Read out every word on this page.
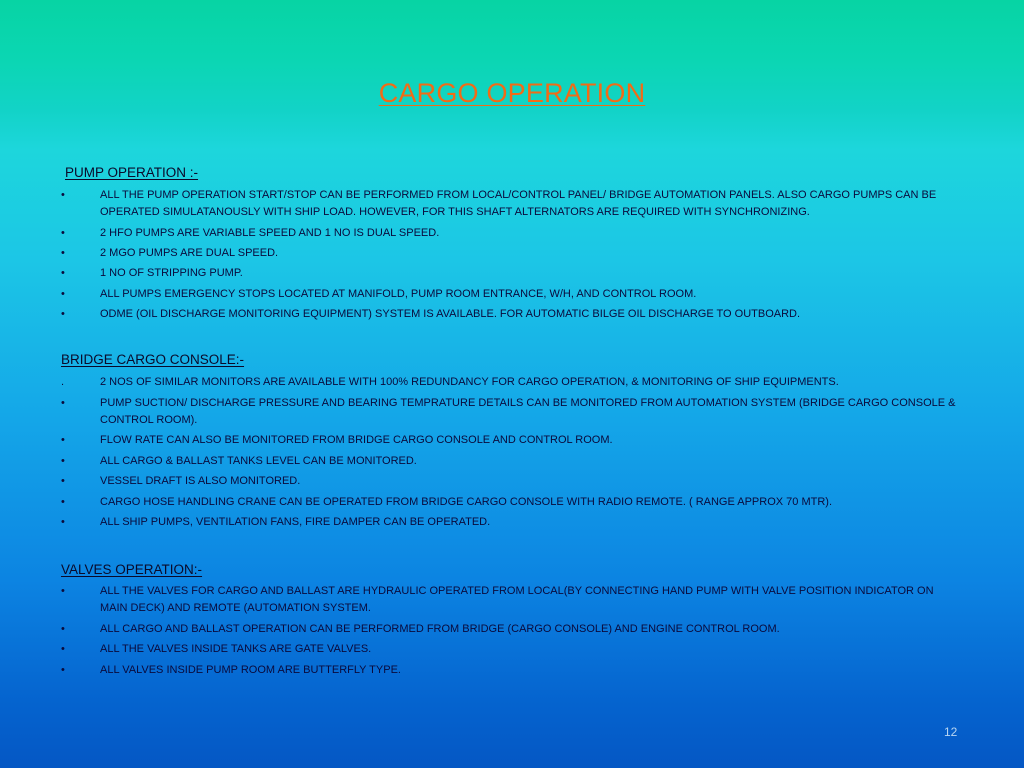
CARGO OPERATION
PUMP OPERATION :-
•	ALL THE PUMP OPERATION START/STOP CAN BE PERFORMED FROM LOCAL/CONTROL PANEL/ BRIDGE AUTOMATION PANELS. ALSO CARGO PUMPS CAN BE OPERATED SIMULATANOUSLY WITH SHIP LOAD. HOWEVER, FOR THIS SHAFT ALTERNATORS ARE REQUIRED WITH SYNCHRONIZING.
•	2 HFO PUMPS ARE VARIABLE SPEED AND 1 NO IS DUAL SPEED.
•	2 MGO PUMPS ARE DUAL SPEED.
•	1 NO OF STRIPPING PUMP.
•	ALL PUMPS EMERGENCY STOPS LOCATED AT MANIFOLD, PUMP ROOM ENTRANCE, W/H, AND CONTROL ROOM.
•	ODME (OIL DISCHARGE MONITORING EQUIPMENT) SYSTEM IS AVAILABLE. FOR AUTOMATIC BILGE OIL DISCHARGE TO OUTBOARD.
BRIDGE CARGO CONSOLE:-
.	2 NOS OF SIMILAR MONITORS ARE AVAILABLE WITH 100% REDUNDANCY FOR CARGO OPERATION, & MONITORING OF SHIP EQUIPMENTS.
•	PUMP SUCTION/ DISCHARGE PRESSURE AND BEARING TEMPRATURE DETAILS CAN BE MONITORED FROM AUTOMATION SYSTEM (BRIDGE CARGO CONSOLE & CONTROL ROOM).
•	FLOW RATE CAN ALSO BE MONITORED FROM BRIDGE CARGO CONSOLE AND CONTROL ROOM.
•	ALL CARGO & BALLAST TANKS LEVEL CAN BE MONITORED.
•	VESSEL DRAFT IS ALSO MONITORED.
•	CARGO HOSE HANDLING CRANE CAN BE OPERATED FROM BRIDGE CARGO CONSOLE WITH RADIO REMOTE. ( RANGE APPROX 70 MTR).
•	ALL SHIP PUMPS, VENTILATION FANS, FIRE DAMPER CAN BE OPERATED.
VALVES OPERATION:-
•	ALL THE VALVES FOR CARGO AND BALLAST ARE HYDRAULIC OPERATED FROM LOCAL(BY CONNECTING HAND PUMP WITH VALVE POSITION INDICATOR ON MAIN DECK) AND REMOTE (AUTOMATION SYSTEM.
•	ALL CARGO AND BALLAST OPERATION CAN BE PERFORMED FROM BRIDGE (CARGO CONSOLE) AND ENGINE CONTROL ROOM.
•	ALL THE VALVES INSIDE TANKS ARE GATE VALVES.
•	ALL VALVES INSIDE PUMP ROOM ARE BUTTERFLY TYPE.
12
